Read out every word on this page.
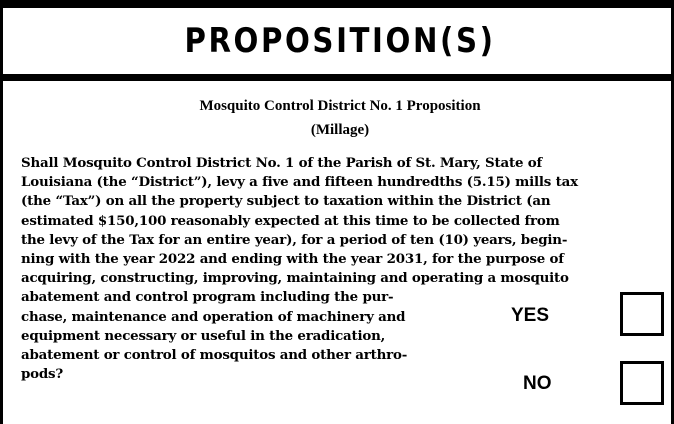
PROPOSITION(S)
Mosquito Control District No. 1 Proposition
(Millage)
Shall Mosquito Control District No. 1 of the Parish of St. Mary, State of
Louisiana (the “District”), levy a five and fifteen hundredths (5.15) mills tax
(the “Tax”) on all the property subject to taxation within the District (an
estimated $150,100 reasonably expected at this time to be collected from
the levy of the Tax for an entire year), for a period of ten (10) years, begin-
ning with the year 2022 and ending with the year 2031, for the purpose of
acquiring, constructing, improving, maintaining and operating a mosquito
abatement and control program including the pur-
chase, maintenance and operation of machinery and
equipment necessary or useful in the eradication,
abatement or control of mosquitos and other arthro-
pods?
YES
NO
